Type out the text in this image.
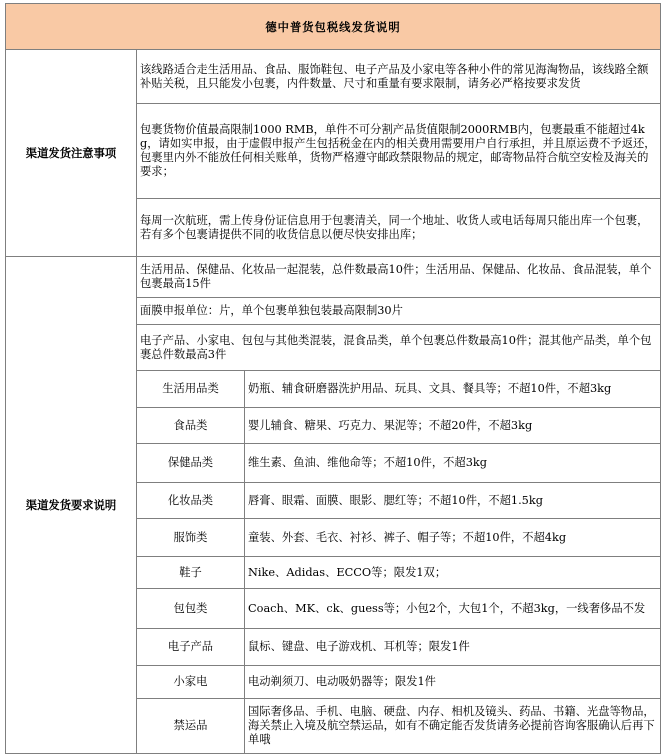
德中普货包税线发货说明		
渠道发货注意事项	该线路适合走生活用品、食品、服饰鞋包、电子产品及小家电等各种小件的常见海淘物品，该线路全额补贴关税，且只能发小包裹，内件数量、尺寸和重量有要求限制，请务必严格按要求发货	
	包裹货物价值最高限制1000 RMB，单件不可分割产品货值限制2000RMB内，包裹最重不能超过4kg，请如实申报，由于虚假申报产生包括税金在内的相关费用需要用户自行承担，并且原运费不予返还，包裹里内外不能放任何相关账单，货物严格遵守邮政禁限物品的规定，邮寄物品符合航空安检及海关的要求；	
	每周一次航班，需上传身份证信息用于包裹清关，同一个地址、收货人或电话每周只能出库一个包裹，若有多个包裹请提供不同的收货信息以便尽快安排出库；	
渠道发货要求说明	生活用品、保健品、化妆品一起混装，总件数最高10件；生活用品、保健品、化妆品、食品混装，单个包裹最高15件	
	面膜申报单位：片，单个包裹单独包装最高限制30片	
	电子产品、小家电、包包与其他类混装，混食品类，单个包裹总件数最高10件；混其他产品类，单个包裹总件数最高3件	
	生活用品类	奶瓶、辅食研磨器洗护用品、玩具、文具、餐具等；不超10件，不超3kg
	食品类	婴儿辅食、糖果、巧克力、果泥等；不超20件，不超3kg
	保健品类	维生素、鱼油、维他命等；不超10件，不超3kg
	化妆品类	唇膏、眼霜、面膜、眼影、腮红等；不超10件，不超1.5kg
	服饰类	童装、外套、毛衣、衬衫、裤子、帽子等；不超10件，不超4kg
	鞋子	Nike、Adidas、ECCO等；限发1双；
	包包类	Coach、MK、ck、guess等；小包2个，大包1个，不超3kg，一线奢侈品不发
	电子产品	鼠标、键盘、电子游戏机、耳机等；限发1件
	小家电	电动剃须刀、电动吸奶器等；限发1件
	禁运品	国际奢侈品、手机、电脑、硬盘、内存、相机及镜头、药品、书籍、光盘等物品，海关禁止入境及航空禁运品，如有不确定能否发货请务必提前咨询客服确认后再下单哦
